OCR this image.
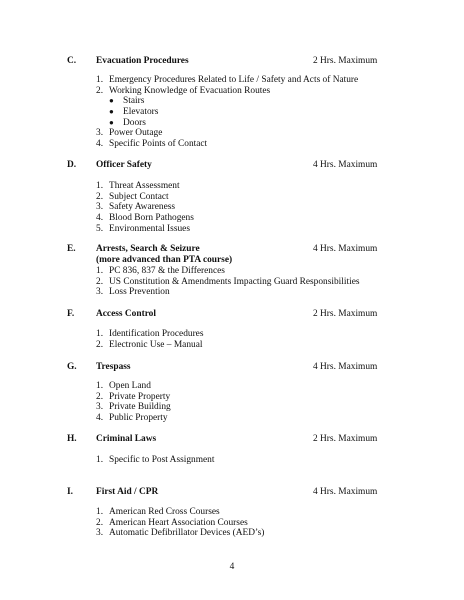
C. Evacuation Procedures	2 Hrs. Maximum
1. Emergency Procedures Related to Life / Safety and Acts of Nature
2. Working Knowledge of Evacuation Routes
● Stairs
● Elevators
● Doors
3. Power Outage
4. Specific Points of Contact
D. Officer Safety	4 Hrs. Maximum
1. Threat Assessment
2. Subject Contact
3. Safety Awareness
4. Blood Born Pathogens
5. Environmental Issues
E. Arrests, Search & Seizure	4 Hrs. Maximum
(more advanced than PTA course)
1. PC 836, 837 & the Differences
2. US Constitution & Amendments Impacting Guard Responsibilities
3. Loss Prevention
F. Access Control	2 Hrs. Maximum
1. Identification Procedures
2. Electronic Use – Manual
G. Trespass	4 Hrs. Maximum
1. Open Land
2. Private Property
3. Private Building
4. Public Property
H. Criminal Laws	2 Hrs. Maximum
1. Specific to Post Assignment
I. First Aid / CPR	4 Hrs. Maximum
1. American Red Cross Courses
2. American Heart Association Courses
3. Automatic Defibrillator Devices (AED’s)
4
